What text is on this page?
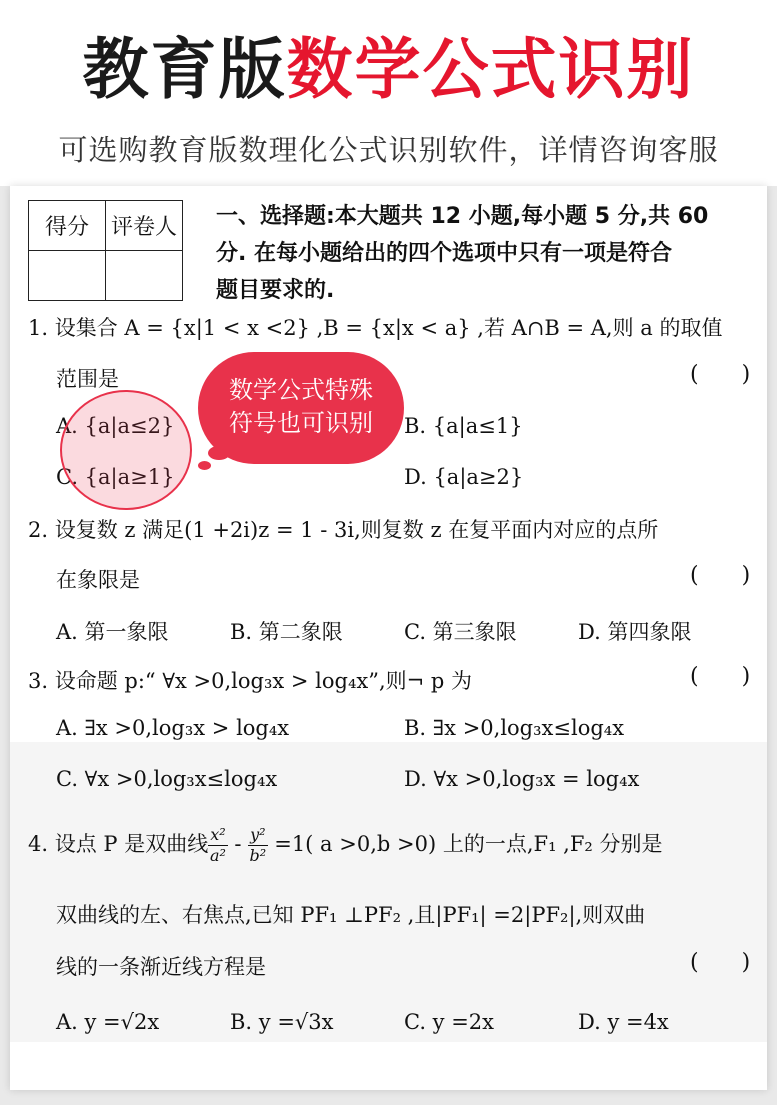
教育版数学公式识别
可选购教育版数理化公式识别软件，详情咨询客服
得分	评卷人
	一、选择题:本大题共 12 小题,每小题 5 分,共 60
分. 在每小题给出的四个选项中只有一项是符合
题目要求的.
1. 设集合 A = {x|1 < x <2} ,B = {x|x < a} ,若 A∩B = A,则 a 的取值
范围是	( )
A. {a|a≤2}	B. {a|a≤1}
C. {a|a≥1}	D. {a|a≥2}
数学公式特殊
符号也可识别
2. 设复数 z 满足(1 +2i)z = 1 - 3i,则复数 z 在复平面内对应的点所
在象限是	( )
A. 第一象限	B. 第二象限	C. 第三象限	D. 第四象限
3. 设命题 p:“ ∀x >0,log₃x > log₄x”,则¬ p 为	( )
A. ∃x >0,log₃x > log₄x	B. ∃x >0,log₃x≤log₄x
C. ∀x >0,log₃x≤log₄x	D. ∀x >0,log₃x = log₄x
4. 设点 P 是双曲线 $\frac{\text{x²}}{\text{a²}} - \frac{\text{y²}}{\text{b²}} =1$( a >0,b >0) 上的一点,F₁ ,F₂ 分别是
双曲线的左、右焦点,已知 PF₁ ⊥PF₂ ,且|PF₁| =2|PF₂|,则双曲
线的一条渐近线方程是	( )
A. y =√2x	B. y =√3x	C. y =2x	D. y =4x
